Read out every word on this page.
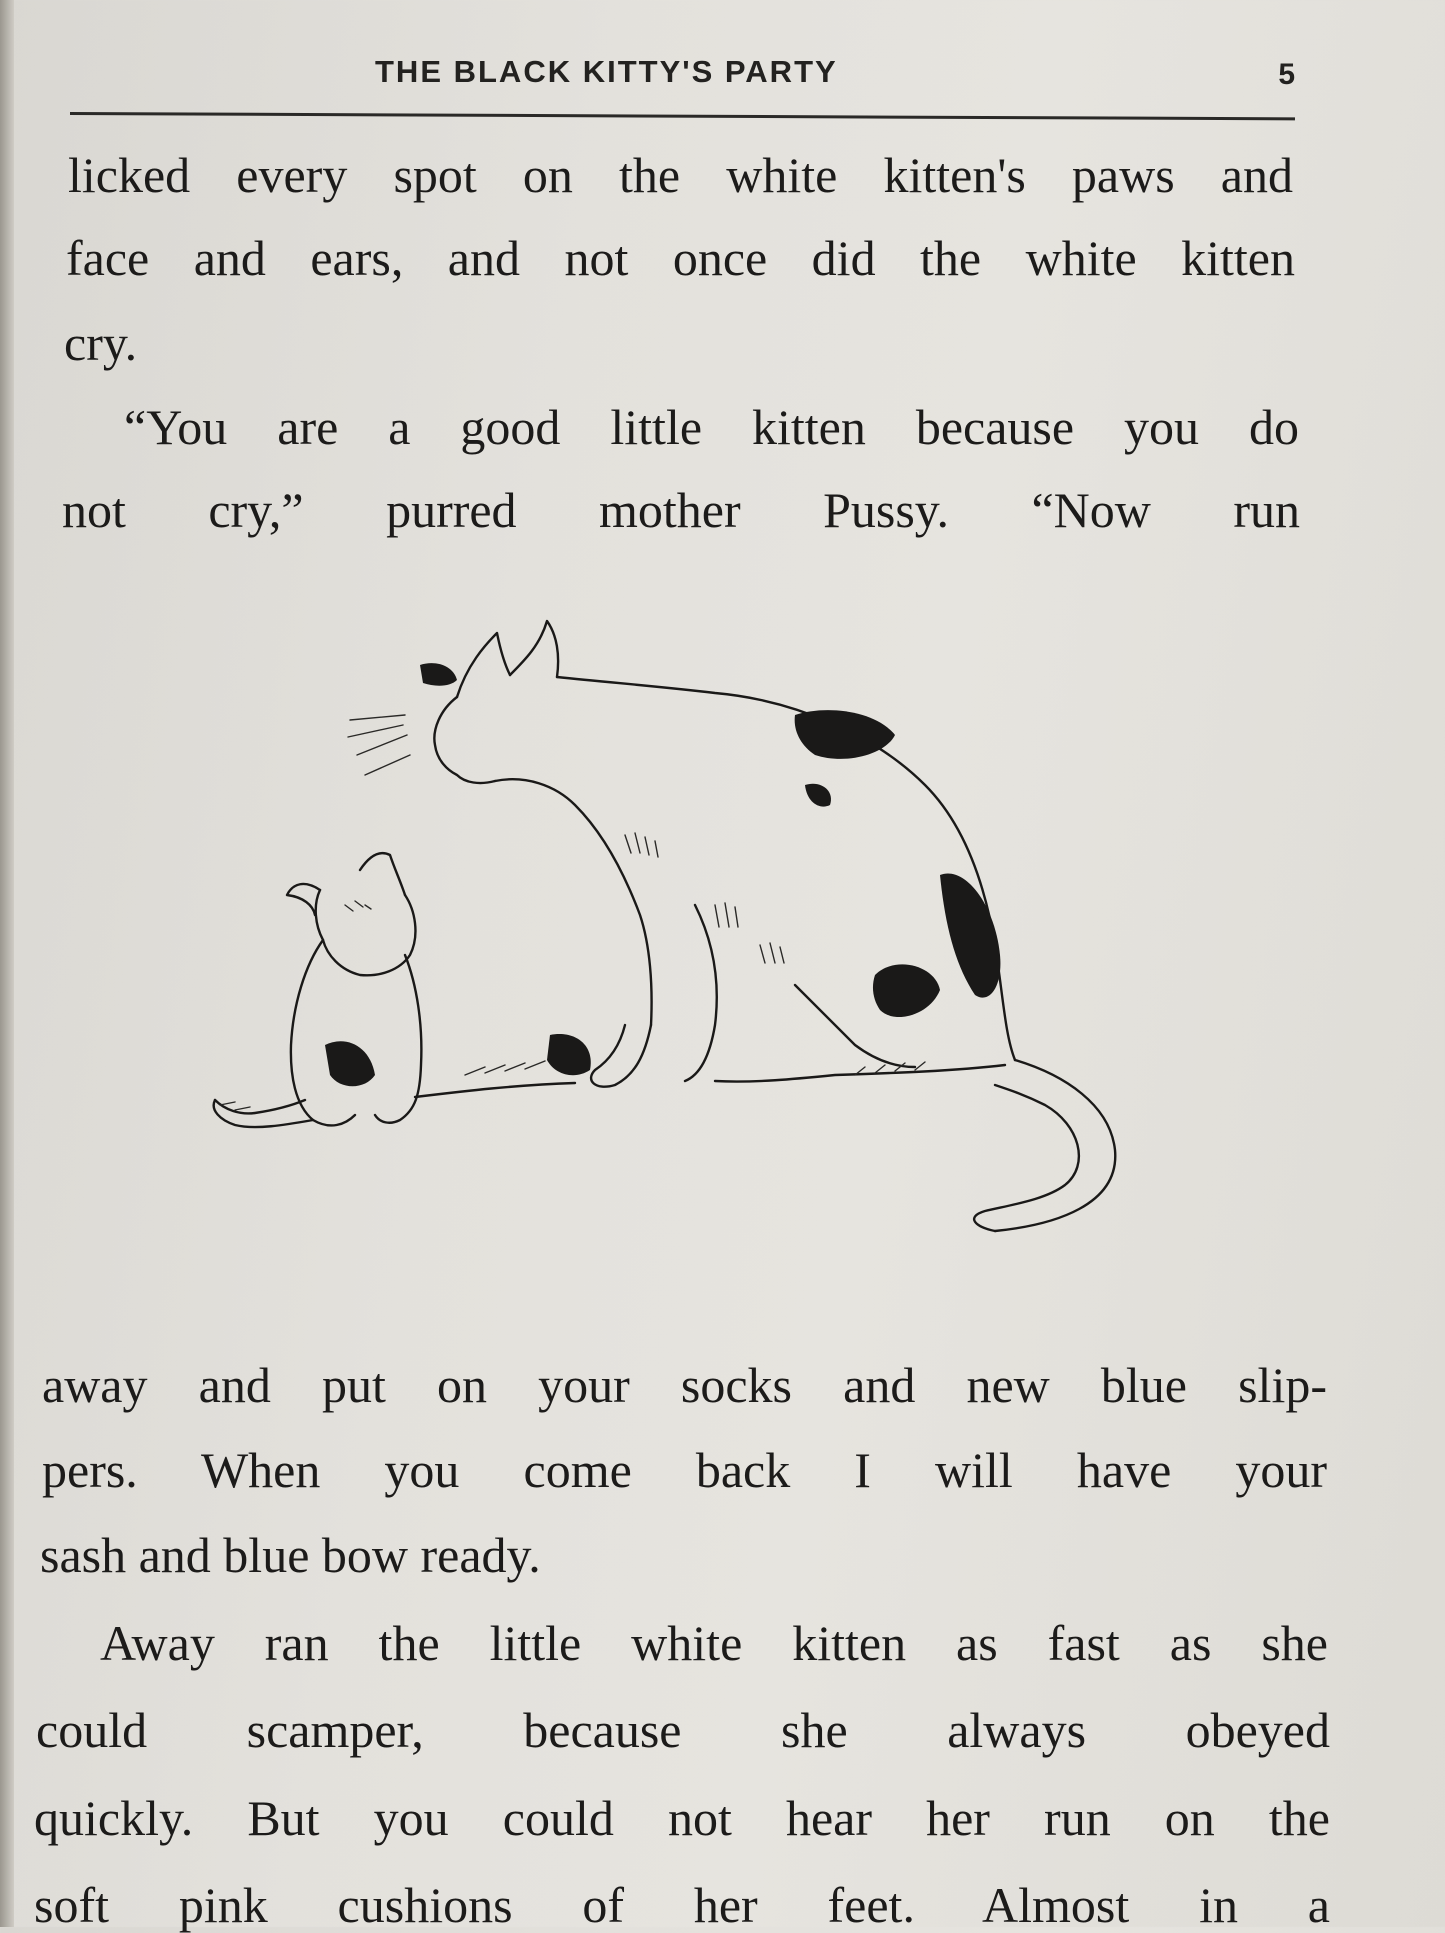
THE BLACK KITTY'S PARTY	5
licked every spot on the white kitten's paws and
face and ears, and not once did the white kitten
cry.
“You are a good little kitten because you do
not cry,” purred mother Pussy. “Now run
away and put on your socks and new blue slip-
pers. When you come back I will have your
sash and blue bow ready.
Away ran the little white kitten as fast as she
could scamper, because she always obeyed
quickly. But you could not hear her run on the
soft pink cushions of her feet. Almost in a
